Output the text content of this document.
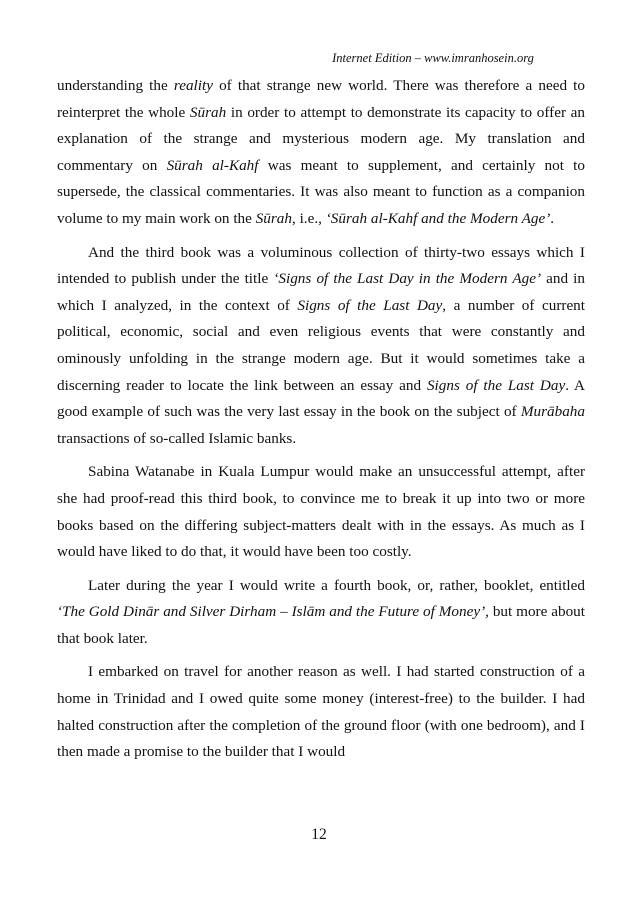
Internet Edition – www.imranhosein.org

understanding the reality of that strange new world. There was therefore a need to reinterpret the whole Sūrah in order to attempt to demonstrate its capacity to offer an explanation of the strange and mysterious modern age. My translation and commentary on Sūrah al-Kahf was meant to supplement, and certainly not to supersede, the classical commentaries. It was also meant to function as a companion volume to my main work on the Sūrah, i.e., ‘Sūrah al-Kahf and the Modern Age’.

And the third book was a voluminous collection of thirty-two essays which I intended to publish under the title ‘Signs of the Last Day in the Modern Age’ and in which I analyzed, in the context of Signs of the Last Day, a number of current political, economic, social and even religious events that were constantly and ominously unfolding in the strange modern age. But it would sometimes take a discerning reader to locate the link between an essay and Signs of the Last Day. A good example of such was the very last essay in the book on the subject of Murābaha transactions of so-called Islamic banks.

Sabina Watanabe in Kuala Lumpur would make an unsuccessful attempt, after she had proof-read this third book, to convince me to break it up into two or more books based on the differing subject-matters dealt with in the essays. As much as I would have liked to do that, it would have been too costly.

Later during the year I would write a fourth book, or, rather, booklet, entitled ‘The Gold Dinār and Silver Dirham – Islām and the Future of Money’, but more about that book later.

I embarked on travel for another reason as well. I had started construction of a home in Trinidad and I owed quite some money (interest-free) to the builder. I had halted construction after the completion of the ground floor (with one bedroom), and I then made a promise to the builder that I would

12
